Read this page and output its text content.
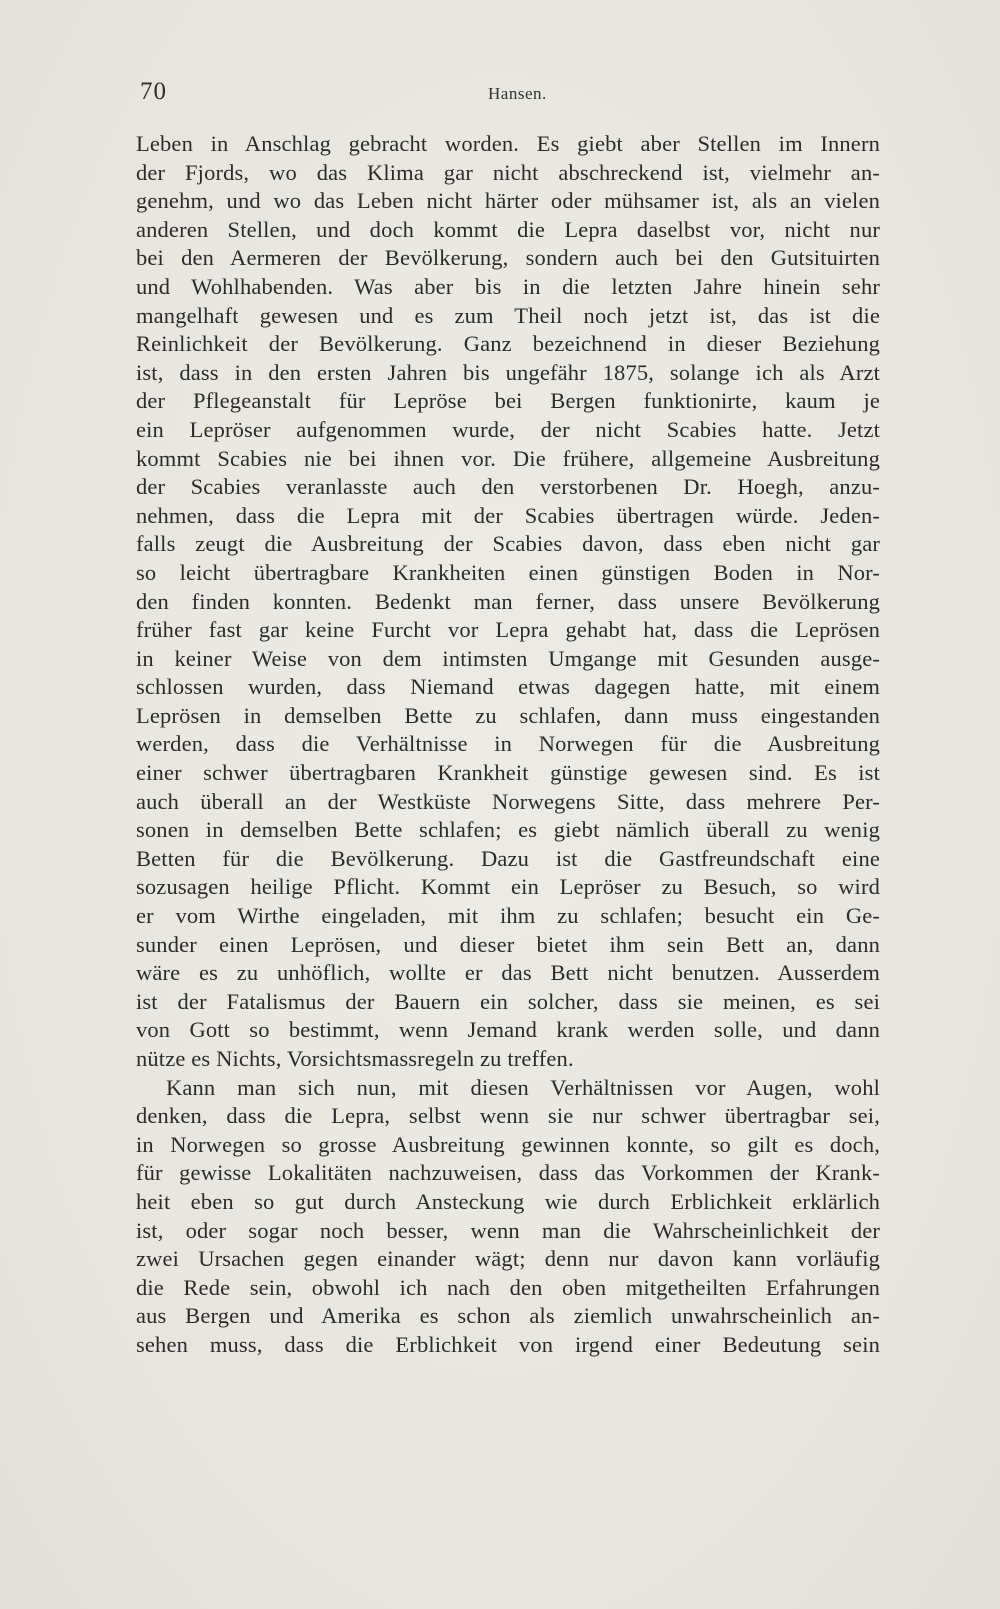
70	Hansen.
Leben in Anschlag gebracht worden. Es giebt aber Stellen im Innern
der Fjords, wo das Klima gar nicht abschreckend ist, vielmehr an-
genehm, und wo das Leben nicht härter oder mühsamer ist, als an vielen
anderen Stellen, und doch kommt die Lepra daselbst vor, nicht nur
bei den Aermeren der Bevölkerung, sondern auch bei den Gutsituirten
und Wohlhabenden. Was aber bis in die letzten Jahre hinein sehr
mangelhaft gewesen und es zum Theil noch jetzt ist, das ist die
Reinlichkeit der Bevölkerung. Ganz bezeichnend in dieser Beziehung
ist, dass in den ersten Jahren bis ungefähr 1875, solange ich als Arzt
der Pflegeanstalt für Lepröse bei Bergen funktionirte, kaum je
ein Lepröser aufgenommen wurde, der nicht Scabies hatte. Jetzt
kommt Scabies nie bei ihnen vor. Die frühere, allgemeine Ausbreitung
der Scabies veranlasste auch den verstorbenen Dr. Hoegh, anzu-
nehmen, dass die Lepra mit der Scabies übertragen würde. Jeden-
falls zeugt die Ausbreitung der Scabies davon, dass eben nicht gar
so leicht übertragbare Krankheiten einen günstigen Boden in Nor-
den finden konnten. Bedenkt man ferner, dass unsere Bevölkerung
früher fast gar keine Furcht vor Lepra gehabt hat, dass die Leprösen
in keiner Weise von dem intimsten Umgange mit Gesunden ausge-
schlossen wurden, dass Niemand etwas dagegen hatte, mit einem
Leprösen in demselben Bette zu schlafen, dann muss eingestanden
werden, dass die Verhältnisse in Norwegen für die Ausbreitung
einer schwer übertragbaren Krankheit günstige gewesen sind. Es ist
auch überall an der Westküste Norwegens Sitte, dass mehrere Per-
sonen in demselben Bette schlafen; es giebt nämlich überall zu wenig
Betten für die Bevölkerung. Dazu ist die Gastfreundschaft eine
sozusagen heilige Pflicht. Kommt ein Lepröser zu Besuch, so wird
er vom Wirthe eingeladen, mit ihm zu schlafen; besucht ein Ge-
sunder einen Leprösen, und dieser bietet ihm sein Bett an, dann
wäre es zu unhöflich, wollte er das Bett nicht benutzen. Ausserdem
ist der Fatalismus der Bauern ein solcher, dass sie meinen, es sei
von Gott so bestimmt, wenn Jemand krank werden solle, und dann
nütze es Nichts, Vorsichtsmassregeln zu treffen.
Kann man sich nun, mit diesen Verhältnissen vor Augen, wohl
denken, dass die Lepra, selbst wenn sie nur schwer übertragbar sei,
in Norwegen so grosse Ausbreitung gewinnen konnte, so gilt es doch,
für gewisse Lokalitäten nachzuweisen, dass das Vorkommen der Krank-
heit eben so gut durch Ansteckung wie durch Erblichkeit erklärlich
ist, oder sogar noch besser, wenn man die Wahrscheinlichkeit der
zwei Ursachen gegen einander wägt; denn nur davon kann vorläufig
die Rede sein, obwohl ich nach den oben mitgetheilten Erfahrungen
aus Bergen und Amerika es schon als ziemlich unwahrscheinlich an-
sehen muss, dass die Erblichkeit von irgend einer Bedeutung sein
